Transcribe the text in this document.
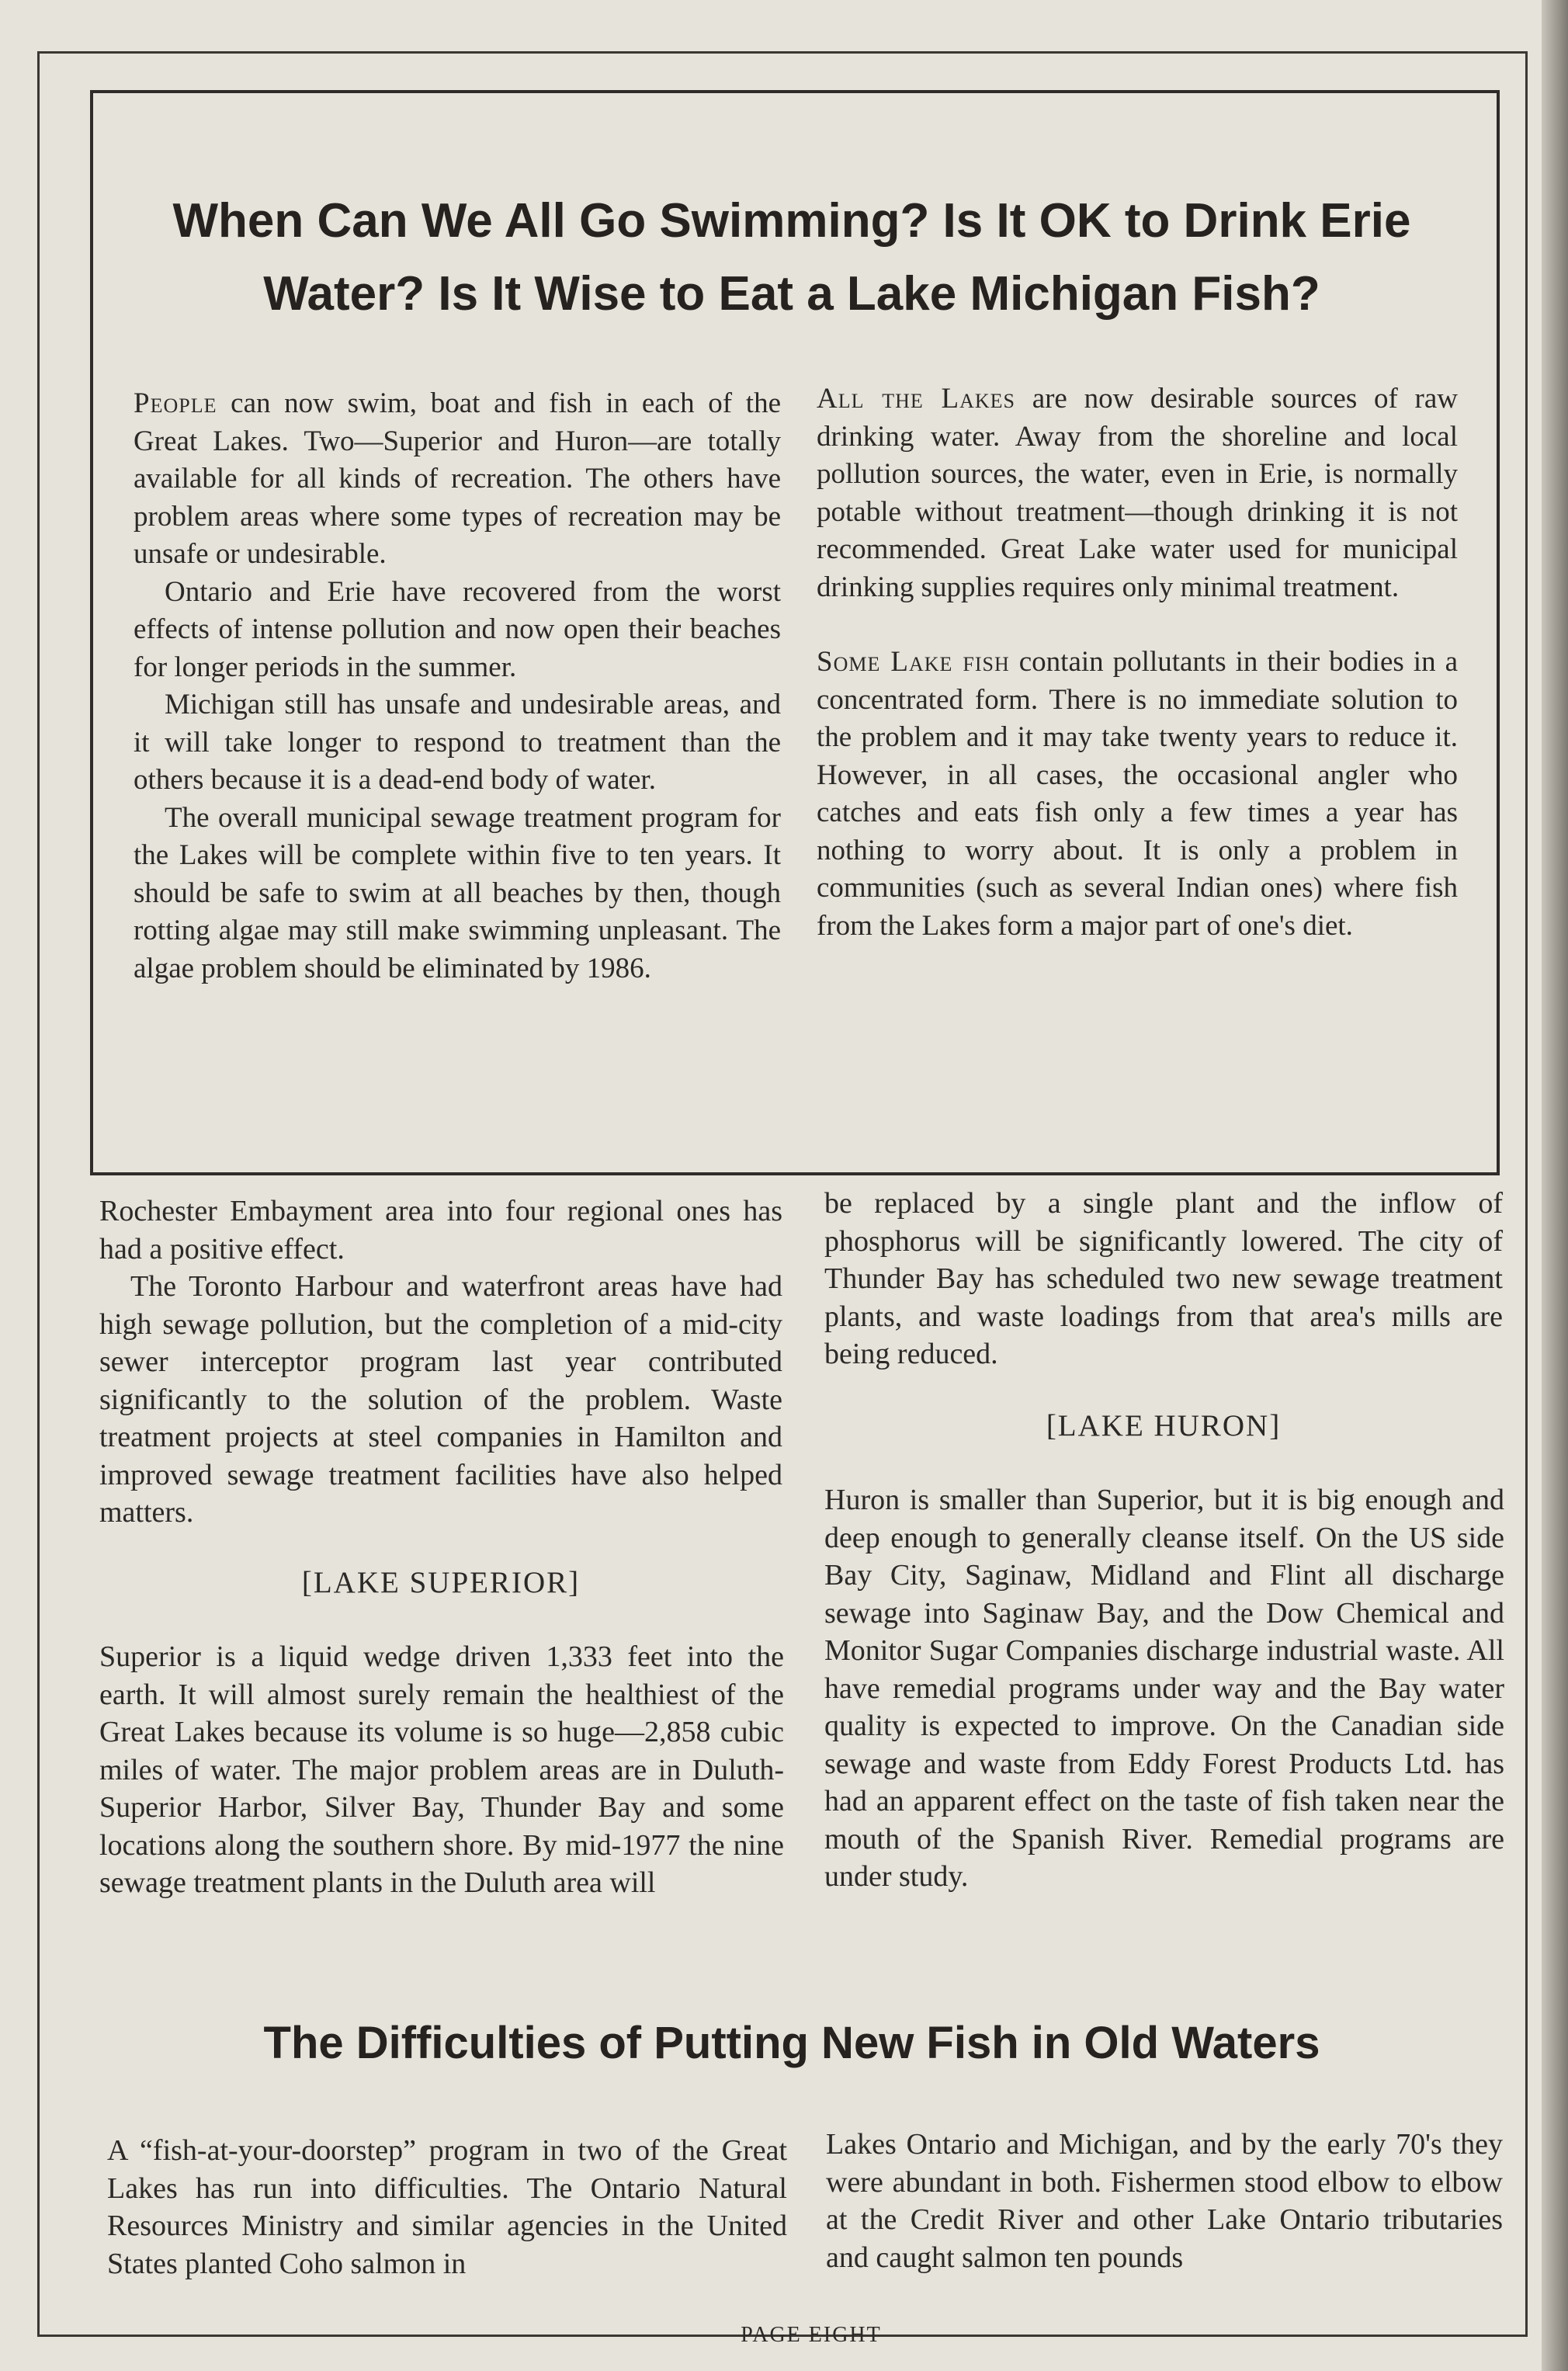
When Can We All Go Swimming? Is It OK to Drink Erie
Water? Is It Wise to Eat a Lake Michigan Fish?

People can now swim, boat and fish in each of the Great Lakes. Two—Superior and Huron—are totally available for all kinds of recreation. The others have problem areas where some types of recreation may be unsafe or undesirable.

Ontario and Erie have recovered from the worst effects of intense pollution and now open their beaches for longer periods in the summer.

Michigan still has unsafe and undesirable areas, and it will take longer to respond to treatment than the others because it is a dead-end body of water.

The overall municipal sewage treatment program for the Lakes will be complete within five to ten years. It should be safe to swim at all beaches by then, though rotting algae may still make swimming unpleasant. The algae problem should be eliminated by 1986.

All the Lakes are now desirable sources of raw drinking water. Away from the shoreline and local pollution sources, the water, even in Erie, is normally potable without treatment—though drinking it is not recommended. Great Lake water used for municipal drinking supplies requires only minimal treatment.

Some Lake fish contain pollutants in their bodies in a concentrated form. There is no immediate solution to the problem and it may take twenty years to reduce it. However, in all cases, the occasional angler who catches and eats fish only a few times a year has nothing to worry about. It is only a problem in communities (such as several Indian ones) where fish from the Lakes form a major part of one's diet.

Rochester Embayment area into four regional ones has had a positive effect.

The Toronto Harbour and waterfront areas have had high sewage pollution, but the completion of a mid-city sewer interceptor program last year contributed significantly to the solution of the problem. Waste treatment projects at steel companies in Hamilton and improved sewage treatment facilities have also helped matters.

[LAKE SUPERIOR]

Superior is a liquid wedge driven 1,333 feet into the earth. It will almost surely remain the healthiest of the Great Lakes because its volume is so huge—2,858 cubic miles of water. The major problem areas are in Duluth-Superior Harbor, Silver Bay, Thunder Bay and some locations along the southern shore. By mid-1977 the nine sewage treatment plants in the Duluth area will

be replaced by a single plant and the inflow of phosphorus will be significantly lowered. The city of Thunder Bay has scheduled two new sewage treatment plants, and waste loadings from that area's mills are being reduced.

[LAKE HURON]

Huron is smaller than Superior, but it is big enough and deep enough to generally cleanse itself. On the US side Bay City, Saginaw, Midland and Flint all discharge sewage into Saginaw Bay, and the Dow Chemical and Monitor Sugar Companies discharge industrial waste. All have remedial programs under way and the Bay water quality is expected to improve. On the Canadian side sewage and waste from Eddy Forest Products Ltd. has had an apparent effect on the taste of fish taken near the mouth of the Spanish River. Remedial programs are under study.

The Difficulties of Putting New Fish in Old Waters

A “fish-at-your-doorstep” program in two of the Great Lakes has run into difficulties. The Ontario Natural Resources Ministry and similar agencies in the United States planted Coho salmon in

Lakes Ontario and Michigan, and by the early 70's they were abundant in both. Fishermen stood elbow to elbow at the Credit River and other Lake Ontario tributaries and caught salmon ten pounds

PAGE EIGHT
